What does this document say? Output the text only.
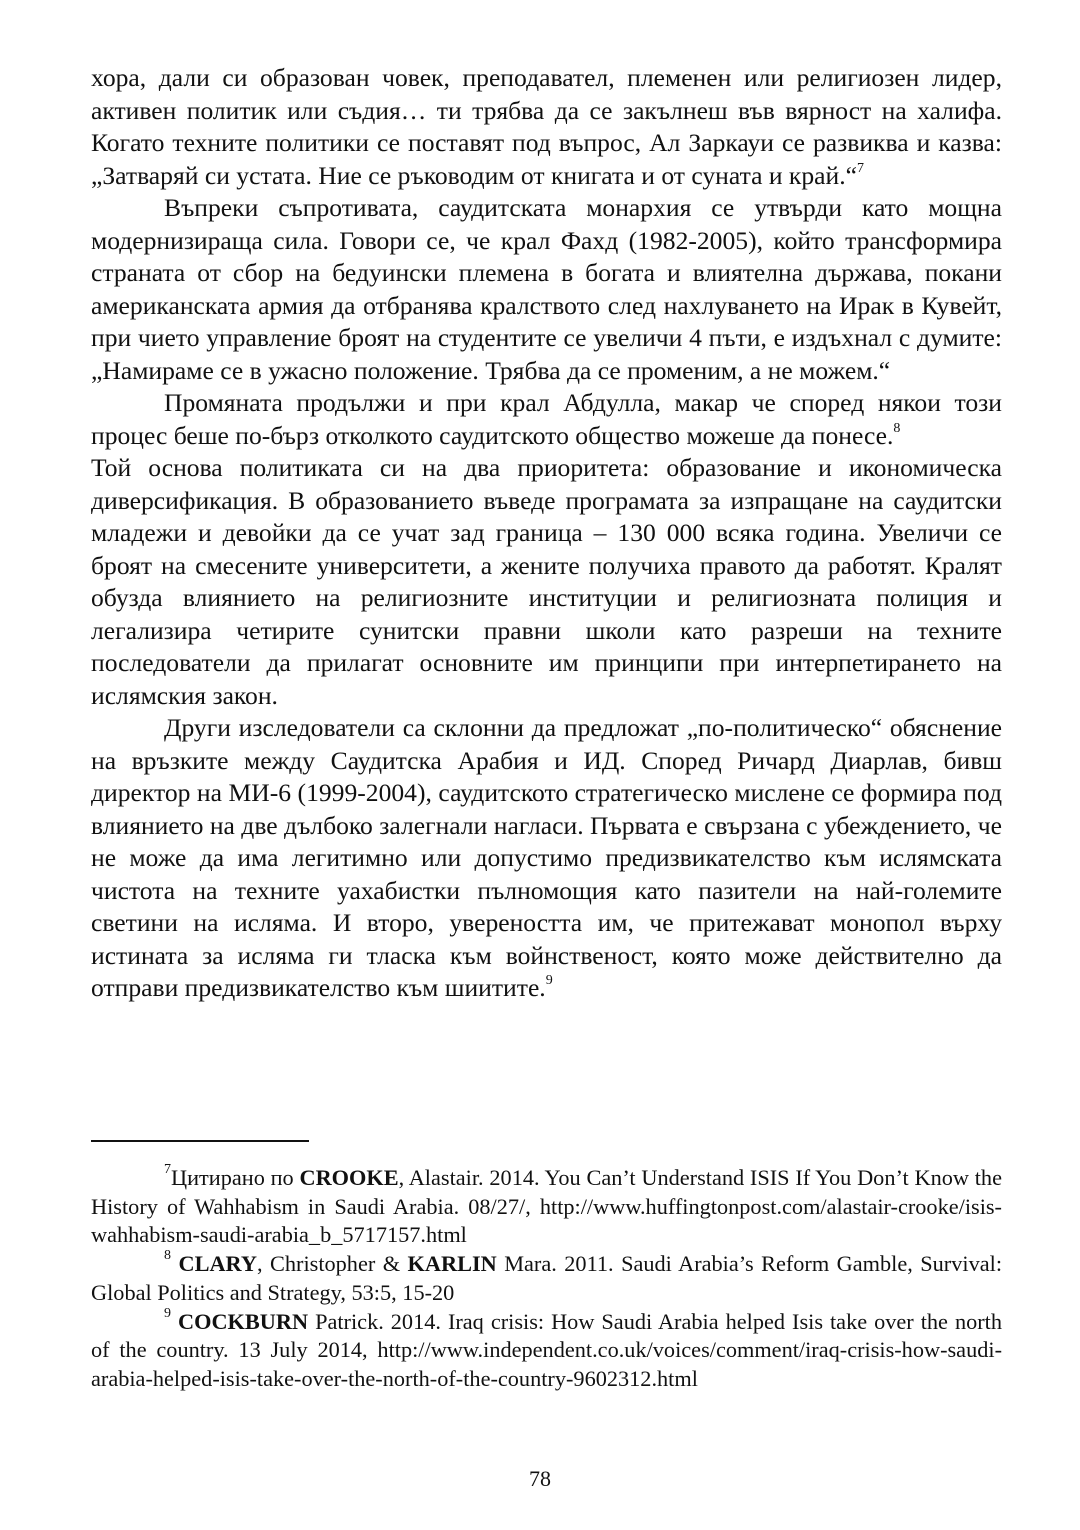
хора, дали си образован човек, преподавател, племенен или религиозен лидер, активен политик или съдия… ти трябва да се закълнеш във вярност на халифа. Когато техните политики се поставят под въпрос, Ал Заркауи се развиква и казва: „Затваряй си устата. Ние се ръководим от книгата и от суната и край.“$^7$

Въпреки съпротивата, саудитската монархия се утвърди като мощна модернизираща сила. Говори се, че крал Фахд (1982-2005), който трансформира страната от сбор на бедуински племена в богата и влиятелна държава, покани американската армия да отбранява кралството след нахлуването на Ирак в Кувейт, при чието управление броят на студентите се увеличи 4 пъти, е издъхнал с думите: „Намираме се в ужасно положение. Трябва да се променим, а не можем.“

Промяната продължи и при крал Абдулла, макар че според някои този процес беше по-бърз отколкото саудитското общество можеше да понесе.$^8$

Той основа политиката си на два приоритета: образование и икономическа диверсификация. В образованието въведе програмата за изпращане на саудитски младежи и девойки да се учат зад граница – 130 000 всяка година. Увеличи се броят на смесените университети, а жените получиха правото да работят. Кралят обузда влиянието на религиозните институции и религиозната полиция и легализира четирите сунитски правни школи като разреши на техните последователи да прилагат основните им принципи при интерпетирането на ислямския закон.

Други изследователи са склонни да предложат „по-политическо“ обяснение на връзките между Саудитска Арабия и ИД. Според Ричард Диарлав, бивш директор на МИ-6 (1999-2004), саудитското стратегическо мислене се формира под влиянието на две дълбоко залегнали нагласи. Първата е свързана с убеждението, че не може да има легитимно или допустимо предизвикателство към ислямската чистота на техните уахабистки пълномощия като пазители на най-големите светини на исляма. И второ, увереността им, че притежават монопол върху истината за исляма ги тласка към войнственост, която може действително да отправи предизвикателство към шиитите.$^9$

$^7$Цитирано по CROOKE, Alastair. 2014. You Can’t Understand ISIS If You Don’t Know the History of Wahhabism in Saudi Arabia. 08/27/, http://www.huffingtonpost.com/alastair-crooke/isis-wahhabism-saudi-arabia_b_5717157.html

$^8$ CLARY, Christopher & KARLIN Mara. 2011. Saudi Arabia’s Reform Gamble, Survival: Global Politics and Strategy, 53:5, 15-20

$^9$ COCKBURN Patrick. 2014. Iraq crisis: How Saudi Arabia helped Isis take over the north of the country. 13 July 2014, http://www.independent.co.uk/voices/comment/iraq-crisis-how-saudi-arabia-helped-isis-take-over-the-north-of-the-country-9602312.html

78
